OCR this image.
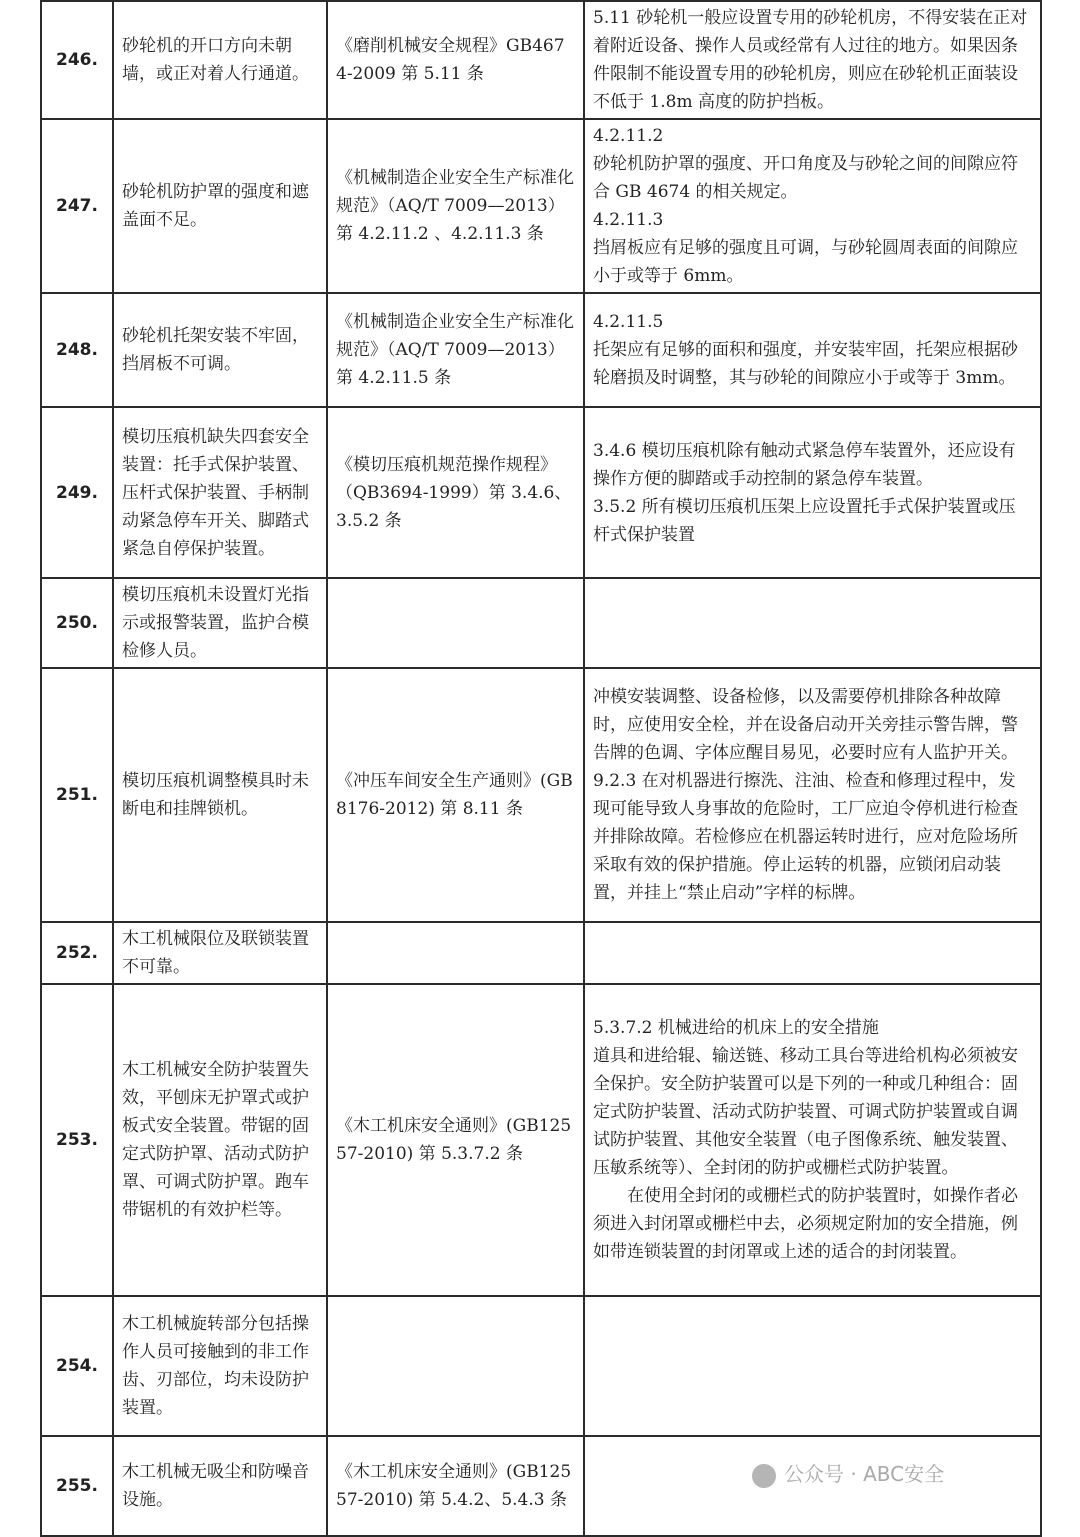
246.	砂轮机的开口方向未朝墙，或正对着人行通道。	《磨削机械安全规程》GB4674-2009 第 5.11 条	5.11 砂轮机一般应设置专用的砂轮机房，不得安装在正对着附近设备、操作人员或经常有人过往的地方。如果因条件限制不能设置专用的砂轮机房，则应在砂轮机正面装设不低于 1.8m 高度的防护挡板。

247.	砂轮机防护罩的强度和遮盖面不足。	《机械制造企业安全生产标准化规范》（AQ/T 7009—2013） 第 4.2.11.2 、4.2.11.3 条	4.2.11.2
砂轮机防护罩的强度、开口角度及与砂轮之间的间隙应符合 GB 4674 的相关规定。
4.2.11.3
挡屑板应有足够的强度且可调，与砂轮圆周表面的间隙应小于或等于 6mm。

248.	砂轮机托架安装不牢固，挡屑板不可调。	《机械制造企业安全生产标准化规范》（AQ/T 7009—2013） 第 4.2.11.5 条	4.2.11.5
托架应有足够的面积和强度，并安装牢固，托架应根据砂轮磨损及时调整，其与砂轮的间隙应小于或等于 3mm。

249.	模切压痕机缺失四套安全装置：托手式保护装置、压杆式保护装置、手柄制动紧急停车开关、脚踏式紧急自停保护装置。	《模切压痕机规范操作规程》（QB3694-1999）第 3.4.6、3.5.2 条	3.4.6 模切压痕机除有触动式紧急停车装置外，还应设有操作方便的脚踏或手动控制的紧急停车装置。
3.5.2 所有模切压痕机压架上应设置托手式保护装置或压杆式保护装置

250.	模切压痕机未设置灯光指示或报警装置，监护合模检修人员。		
251.	模切压痕机调整模具时未断电和挂牌锁机。	《冲压车间安全生产通则》(GB8176-2012) 第 8.11 条	冲模安装调整、设备检修，以及需要停机排除各种故障时，应使用安全栓，并在设备启动开关旁挂示警告牌，警告牌的色调、字体应醒目易见，必要时应有人监护开关。9.2.3 在对机器进行擦洗、注油、检查和修理过程中，发现可能导致人身事故的危险时，工厂应迫令停机进行检查并排除故障。若检修应在机器运转时进行，应对危险场所采取有效的保护措施。停止运转的机器，应锁闭启动装置，并挂上“禁止启动”字样的标牌。

252.	木工机械限位及联锁装置不可靠。		
253.	木工机械安全防护装置失效，平刨床无护罩式或护板式安全装置。带锯的固定式防护罩、活动式防护罩、可调式防护罩。跑车带锯机的有效护栏等。	《木工机床安全通则》(GB12557-2010) 第 5.3.7.2 条	5.3.7.2 机械进给的机床上的安全措施
道具和进给辊、输送链、移动工具台等进给机构必须被安全保护。安全防护装置可以是下列的一种或几种组合：固定式防护装置、活动式防护装置、可调式防护装置或自调试防护装置、其他安全装置（电子图像系统、触发装置、压敏系统等）、全封闭的防护或栅栏式防护装置。
在使用全封闭的或栅栏式的防护装置时，如操作者必须进入封闭罩或栅栏中去，必须规定附加的安全措施，例如带连锁装置的封闭罩或上述的适合的封闭装置。

254.	木工机械旋转部分包括操作人员可接触到的非工作齿、刃部位，均未设防护装置。		
255.	木工机械无吸尘和防噪音设施。	《木工机床安全通则》(GB12557-2010) 第 5.4.2、5.4.3 条	
公众号 · ABC安全
